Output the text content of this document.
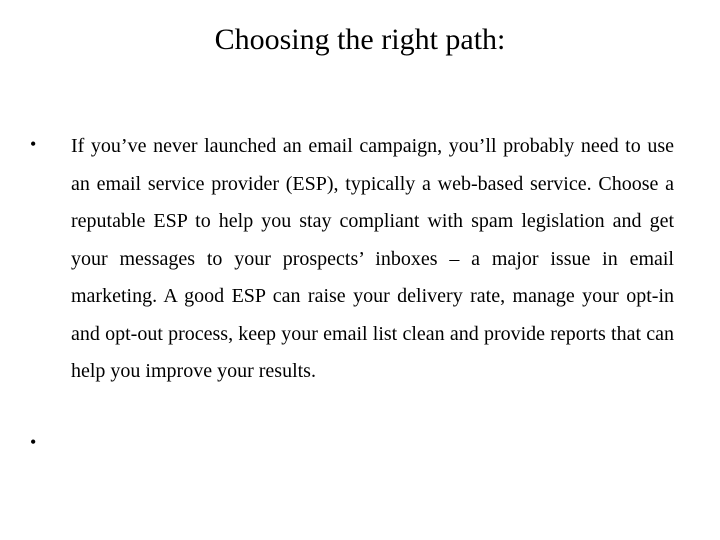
Choosing the right path:
• If you’ve never launched an email campaign, you’ll probably need to use an email service provider (ESP), typically a web-based service. Choose a reputable ESP to help you stay compliant with spam legislation and get your messages to your prospects’ inboxes – a major issue in email marketing. A good ESP can raise your delivery rate, manage your opt-in and opt-out process, keep your email list clean and provide reports that can help you improve your results.
•
